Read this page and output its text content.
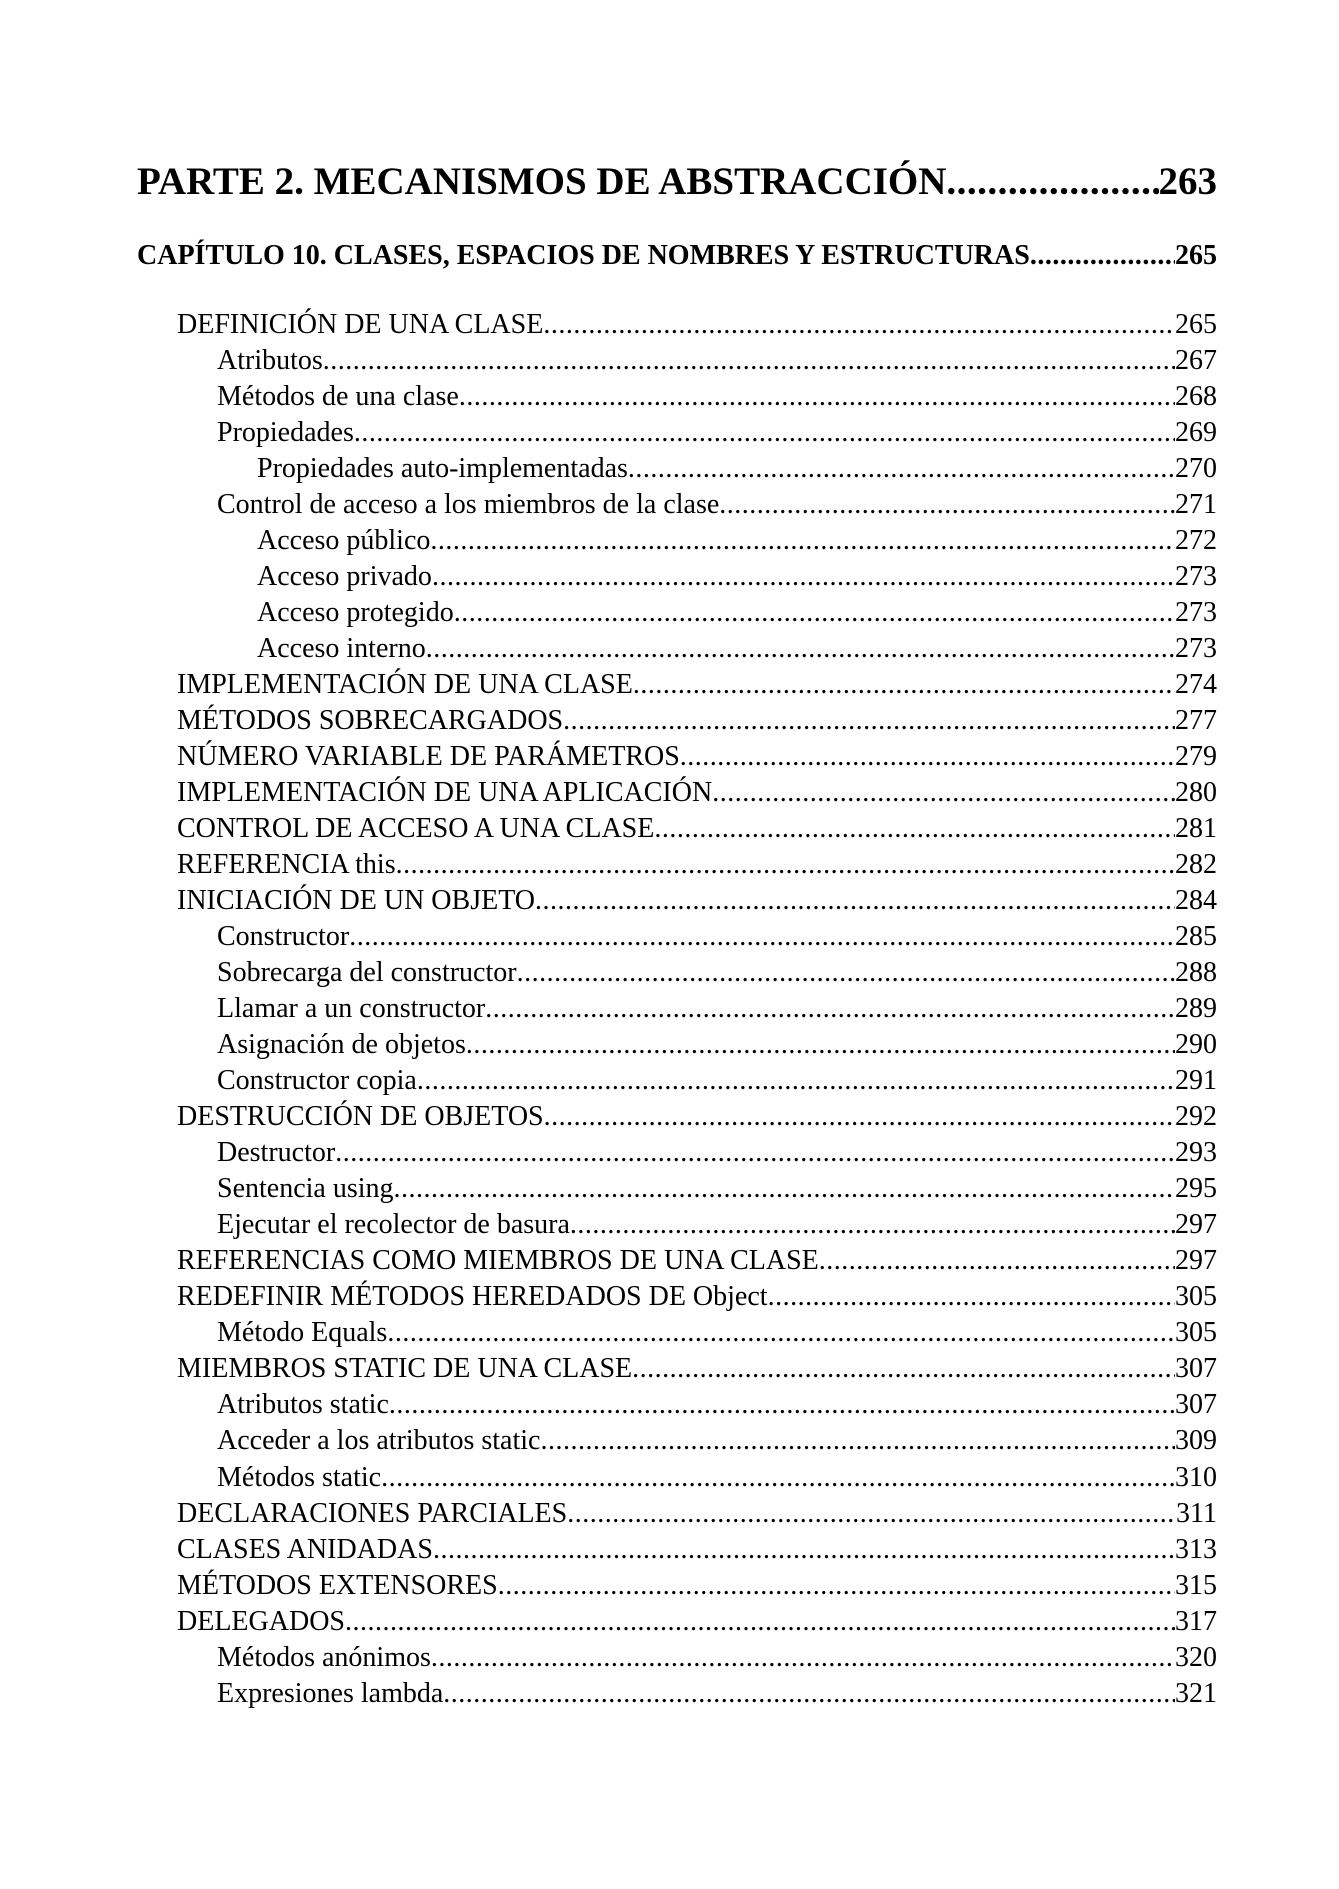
PARTE 2. MECANISMOS DE ABSTRACCIÓN .....	263
CAPÍTULO 10. CLASES, ESPACIOS DE NOMBRES Y ESTRUCTURAS .....	265
DEFINICIÓN DE UNA CLASE .....	265
Atributos .....	267
Métodos de una clase .....	268
Propiedades .....	269
Propiedades auto-implementadas .....	270
Control de acceso a los miembros de la clase .....	271
Acceso público .....	272
Acceso privado .....	273
Acceso protegido .....	273
Acceso interno .....	273
IMPLEMENTACIÓN DE UNA CLASE .....	274
MÉTODOS SOBRECARGADOS .....	277
NÚMERO VARIABLE DE PARÁMETROS .....	279
IMPLEMENTACIÓN DE UNA APLICACIÓN .....	280
CONTROL DE ACCESO A UNA CLASE .....	281
REFERENCIA this .....	282
INICIACIÓN DE UN OBJETO .....	284
Constructor .....	285
Sobrecarga del constructor .....	288
Llamar a un constructor .....	289
Asignación de objetos .....	290
Constructor copia .....	291
DESTRUCCIÓN DE OBJETOS .....	292
Destructor .....	293
Sentencia using .....	295
Ejecutar el recolector de basura .....	297
REFERENCIAS COMO MIEMBROS DE UNA CLASE .....	297
REDEFINIR MÉTODOS HEREDADOS DE Object .....	305
Método Equals .....	305
MIEMBROS STATIC DE UNA CLASE .....	307
Atributos static .....	307
Acceder a los atributos static .....	309
Métodos static .....	310
DECLARACIONES PARCIALES .....	311
CLASES ANIDADAS .....	313
MÉTODOS EXTENSORES .....	315
DELEGADOS .....	317
Métodos anónimos .....	320
Expresiones lambda .....	321
